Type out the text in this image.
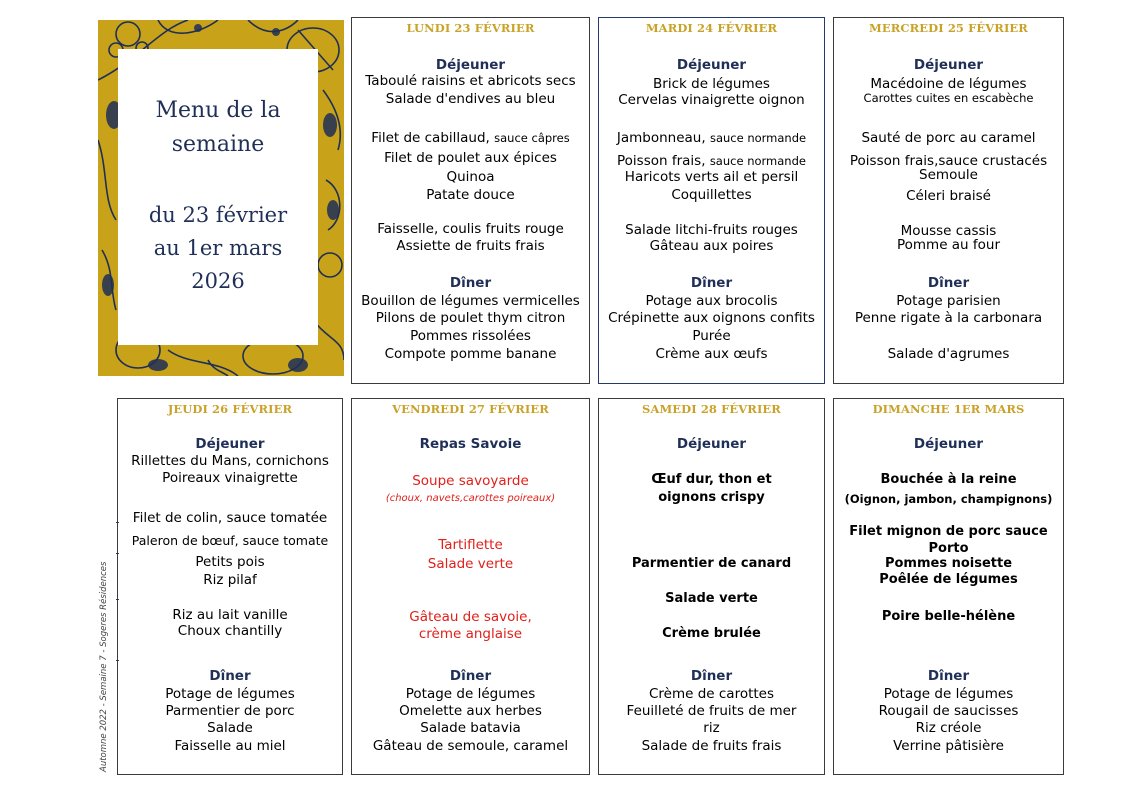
Menu de la
semaine
du 23 février
au 1er mars
2026
LUNDI 23 FÉVRIER
Déjeuner
Taboulé raisins et abricots secs
Salade d'endives au bleu
Filet de cabillaud, sauce câpres
Filet de poulet aux épices
Quinoa
Patate douce
Faisselle, coulis fruits rouge
Assiette de fruits frais
Dîner
Bouillon de légumes vermicelles
Pilons de poulet thym citron
Pommes rissolées
Compote pomme banane
MARDI 24 FÉVRIER
Déjeuner
Brick de légumes
Cervelas vinaigrette oignon
Jambonneau, sauce normande
Poisson frais, sauce normande
Haricots verts ail et persil
Coquillettes
Salade litchi-fruits rouges
Gâteau aux poires
Dîner
Potage aux brocolis
Crépinette aux oignons confits
Purée
Crème aux œufs
MERCREDI 25 FÉVRIER
Déjeuner
Macédoine de légumes
Carottes cuites en escabèche
Sauté de porc au caramel
Poisson frais,sauce crustacés
Semoule
Céleri braisé
Mousse cassis
Pomme au four
Dîner
Potage parisien
Penne rigate à la carbonara
Salade d'agrumes
JEUDI 26 FÉVRIER
Déjeuner
Rillettes du Mans, cornichons
Poireaux vinaigrette
Filet de colin, sauce tomatée
Paleron de bœuf, sauce tomate
Petits pois
Riz pilaf
Riz au lait vanille
Choux chantilly
Dîner
Potage de légumes
Parmentier de porc
Salade
Faisselle au miel
VENDREDI 27 FÉVRIER
Repas Savoie
Soupe savoyarde
(choux, navets,carottes poireaux)
Tartiflette
Salade verte
Gâteau de savoie,
crème anglaise
Dîner
Potage de légumes
Omelette aux herbes
Salade batavia
Gâteau de semoule, caramel
SAMEDI 28 FÉVRIER
Déjeuner
Œuf dur, thon et
oignons crispy
Parmentier de canard
Salade verte
Crème brulée
Dîner
Crème de carottes
Feuilleté de fruits de mer
riz
Salade de fruits frais
DIMANCHE 1ER MARS
Déjeuner
Bouchée à la reine
(Oignon, jambon, champignons)
Filet mignon de porc sauce
Porto
Pommes noisette
Poêlée de légumes
Poire belle-hélène
Dîner
Potage de légumes
Rougail de saucisses
Riz créole
Verrine pâtisière
Automne 2022 - Semaine 7 - Sogeres Résidences
